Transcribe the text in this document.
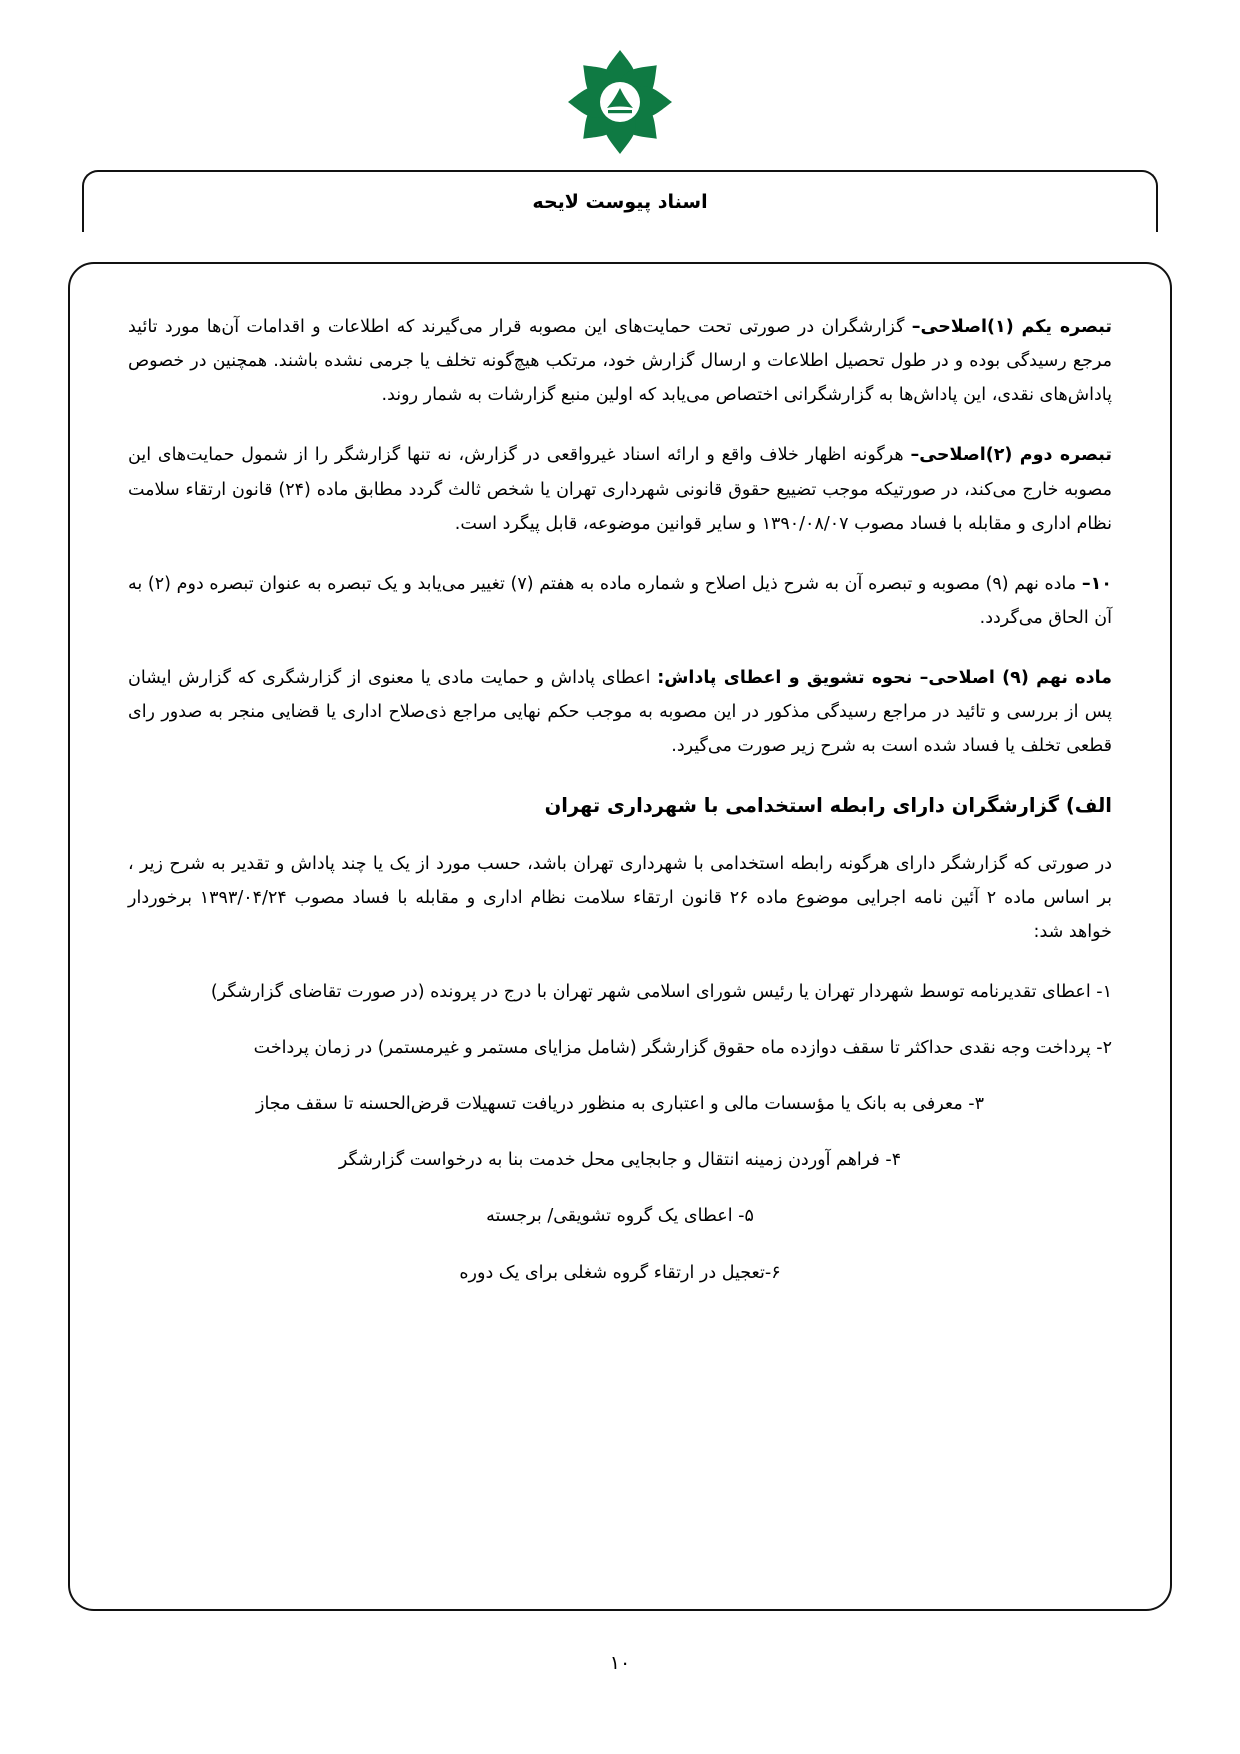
اسناد پیوست لایحه

تبصره یکم (۱)اصلاحی– گزارشگران در صورتی تحت حمایت‌های این مصوبه قرار می‌گیرند که اطلاعات و اقدامات آن‌ها مورد تائید مرجع رسیدگی بوده و در طول تحصیل اطلاعات و ارسال گزارش خود، مرتکب هیچ‌گونه تخلف یا جرمی نشده باشند. همچنین در خصوص پاداش‌های نقدی، این پاداش‌ها به گزارشگرانی اختصاص می‌یابد که اولین منبع گزارشات به شمار روند.

تبصره دوم (۲)اصلاحی– هرگونه اظهار خلاف واقع و ارائه اسناد غیرواقعی در گزارش، نه تنها گزارشگر را از شمول حمایت‌های این مصوبه خارج می‌کند، در صورتیکه موجب تضییع حقوق قانونی شهرداری تهران یا شخص ثالث گردد مطابق ماده (۲۴) قانون ارتقاء سلامت نظام اداری و مقابله با فساد مصوب ۱۳۹۰/۰۸/۰۷ و سایر قوانین موضوعه، قابل پیگرد است.

۱۰– ماده نهم (۹) مصوبه و تبصره آن به شرح ذیل اصلاح و شماره ماده به هفتم (۷) تغییر می‌یابد و یک تبصره به عنوان تبصره دوم (۲) به آن الحاق می‌گردد.

ماده نهم (۹) اصلاحی– نحوه تشویق و اعطای پاداش: اعطای پاداش و حمایت مادی یا معنوی از گزارشگری که گزارش ایشان پس از بررسی و تائید در مراجع رسیدگی مذکور در این مصوبه به موجب حکم نهایی مراجع ذی‌صلاح اداری یا قضایی منجر به صدور رای قطعی تخلف یا فساد شده است به شرح زیر صورت می‌گیرد.

الف) گزارشگران دارای رابطه استخدامی با شهرداری تهران

در صورتی که گزارشگر دارای هرگونه رابطه استخدامی با شهرداری تهران باشد، حسب مورد از یک یا چند پاداش و تقدیر به شرح زیر ، بر اساس ماده ۲ آئین نامه اجرایی موضوع ماده ۲۶ قانون ارتقاء سلامت نظام اداری و مقابله با فساد مصوب ۱۳۹۳/۰۴/۲۴ برخوردار خواهد شد:

۱- اعطای تقدیرنامه توسط شهردار تهران یا رئیس شورای اسلامی شهر تهران با درج در پرونده (در صورت تقاضای گزارشگر)

۲- پرداخت وجه نقدی حداکثر تا سقف دوازده ماه حقوق گزارشگر (شامل مزایای مستمر و غیرمستمر) در زمان پرداخت

۳- معرفی به بانک یا مؤسسات مالی و اعتباری به منظور دریافت تسهیلات قرض‌الحسنه تا سقف مجاز

۴- فراهم آوردن زمینه انتقال و جابجایی محل خدمت بنا به درخواست گزارشگر

۵- اعطای یک گروه تشویقی/ برجسته

۶-تعجیل در ارتقاء گروه شغلی برای یک دوره

۱۰
